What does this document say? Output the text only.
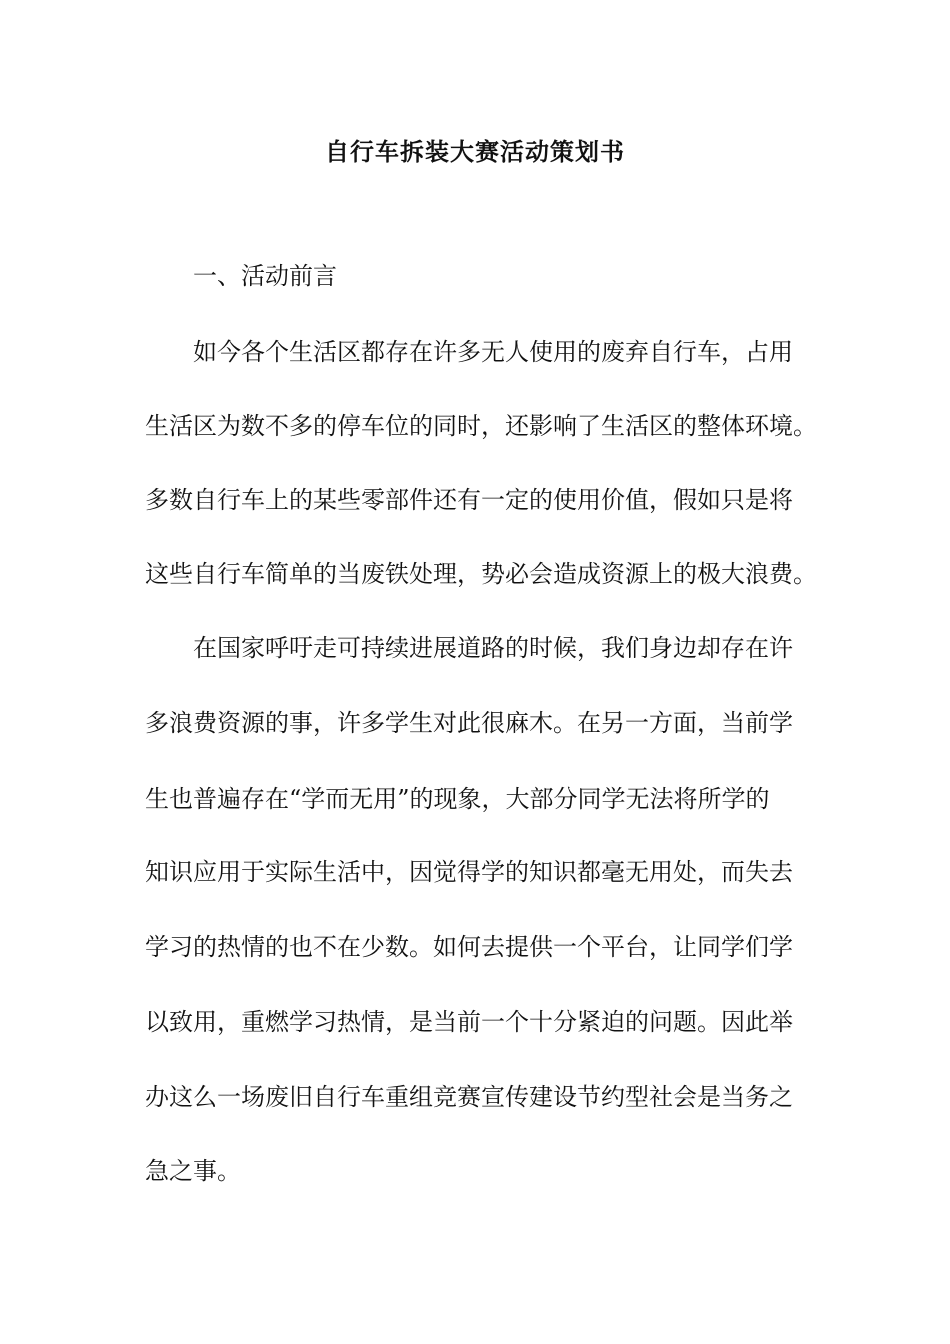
自行车拆装大赛活动策划书
一、活动前言
如今各个生活区都存在许多无人使用的废弃自行车，占用
生活区为数不多的停车位的同时，还影响了生活区的整体环境。
多数自行车上的某些零部件还有一定的使用价值，假如只是将
这些自行车简单的当废铁处理，势必会造成资源上的极大浪费。
在国家呼吁走可持续进展道路的时候，我们身边却存在许
多浪费资源的事，许多学生对此很麻木。在另一方面，当前学
生也普遍存在“学而无用”的现象，大部分同学无法将所学的
知识应用于实际生活中，因觉得学的知识都毫无用处，而失去
学习的热情的也不在少数。如何去提供一个平台，让同学们学
以致用，重燃学习热情，是当前一个十分紧迫的问题。因此举
办这么一场废旧自行车重组竞赛宣传建设节约型社会是当务之
急之事。
